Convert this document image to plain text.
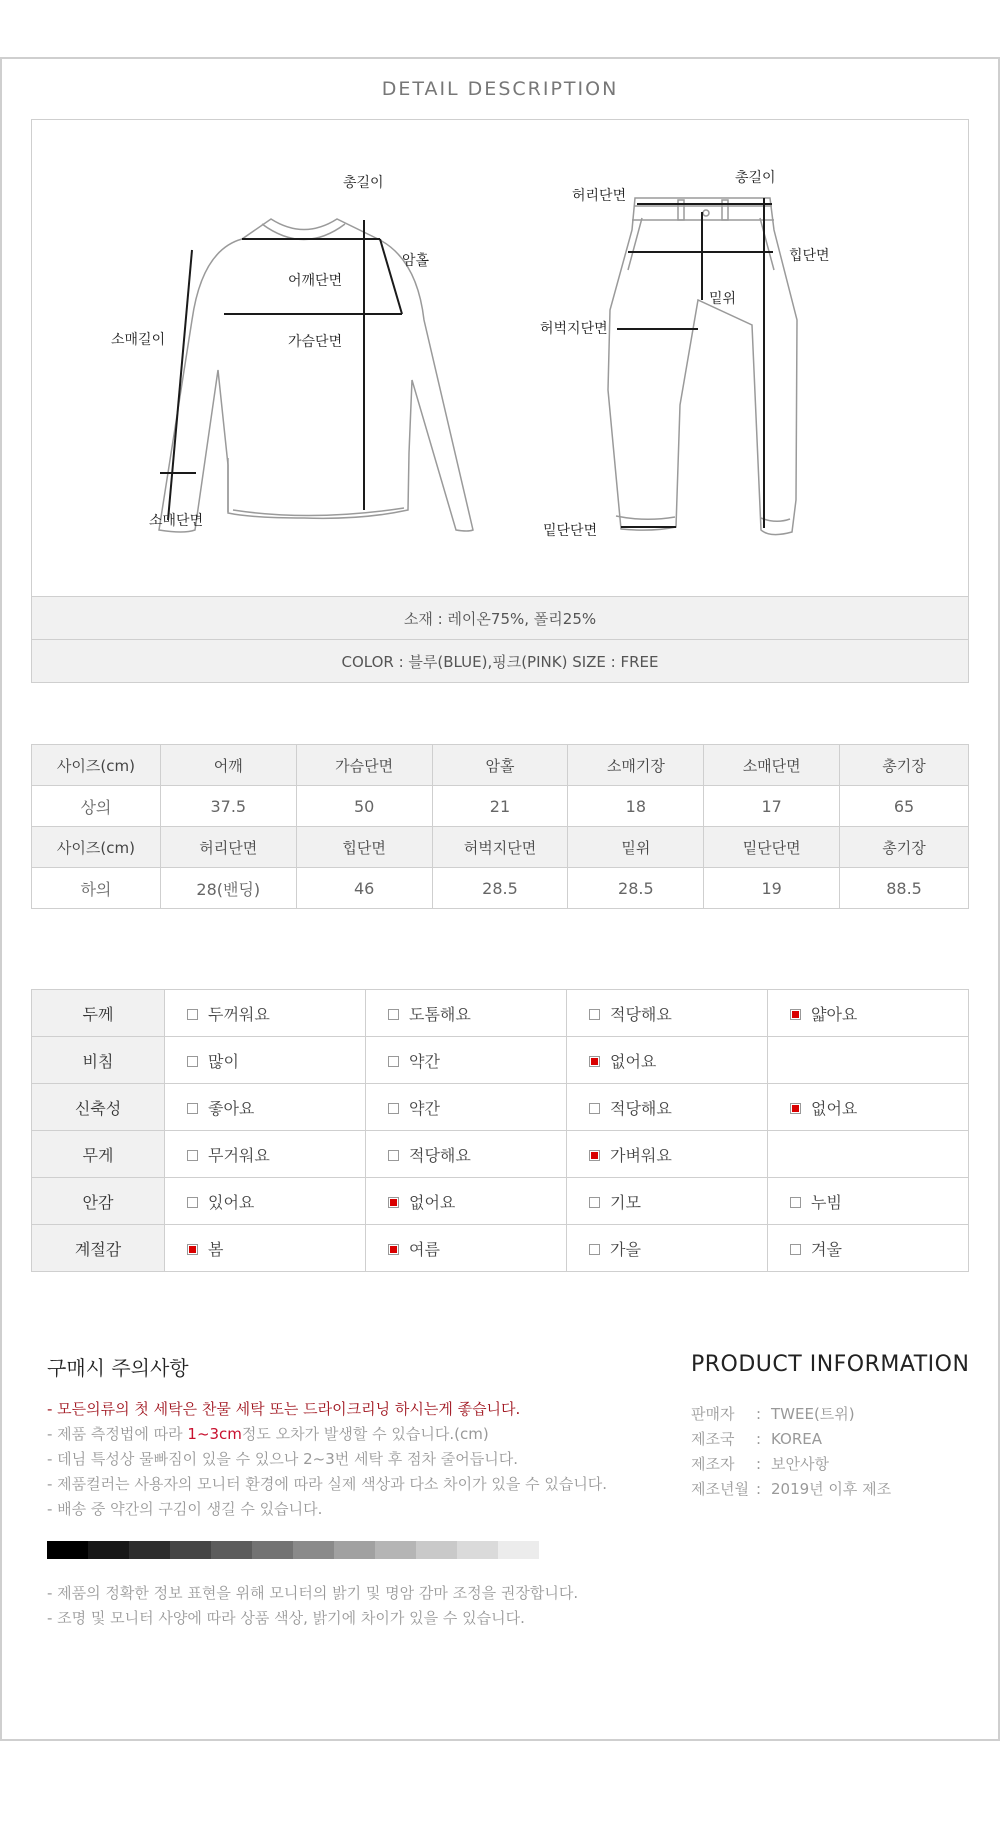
DETAIL DESCRIPTION
총길이
어깨단면
암홀
가슴단면
소매길이
소매단면
총길이
허리단면
힙단면
밑위
허벅지단면
밑단단면
소재 : 레이온75%, 폴리25%
COLOR : 블루(BLUE),핑크(PINK) SIZE : FREE
사이즈(cm)	어깨	가슴단면	암홀	소매기장	소매단면	총기장
상의	37.5	50	21	18	17	65
사이즈(cm)	허리단면	힙단면	허벅지단면	밑위	밑단단면	총기장
하의	28(밴딩)	46	28.5	28.5	19	88.5
두께	두꺼워요	도톰해요	적당해요	얇아요
비침	많이	약간	없어요	
신축성	좋아요	약간	적당해요	없어요
무게	무거워요	적당해요	가벼워요	
안감	있어요	없어요	기모	누빔
계절감	봄	여름	가을	겨울
구매시 주의사항
- 모든의류의 첫 세탁은 찬물 세탁 또는 드라이크리닝 하시는게 좋습니다.
- 제품 측정법에 따라 1~3cm정도 오차가 발생할 수 있습니다.(cm)
- 데님 특성상 물빠짐이 있을 수 있으나 2~3번 세탁 후 점차 줄어듭니다.
- 제품컬러는 사용자의 모니터 환경에 따라 실제 색상과 다소 차이가 있을 수 있습니다.
- 배송 중 약간의 구김이 생길 수 있습니다.
- 제품의 정확한 정보 표현을 위해 모니터의 밝기 및 명암 감마 조정을 권장합니다.
- 조명 및 모니터 사양에 따라 상품 색상, 밝기에 차이가 있을 수 있습니다.
PRODUCT INFORMATION
판매자	: TWEE(트위)
제조국	: KOREA
제조자	: 보안사항
제조년월 : 2019년 이후 제조
